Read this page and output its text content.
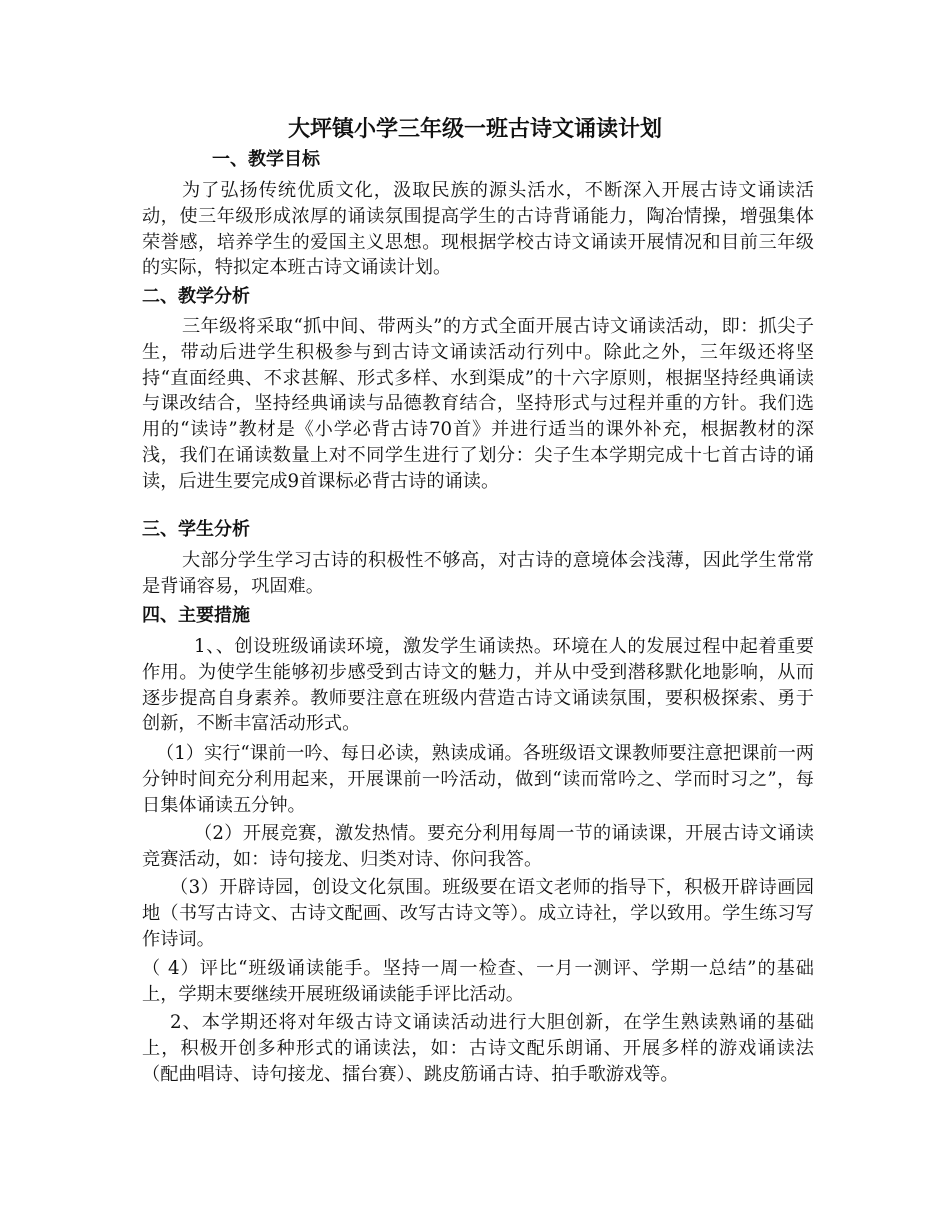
大坪镇小学三年级一班古诗文诵读计划
一、教学目标
为了弘扬传统优质文化，汲取民族的源头活水，不断深入开展古诗文诵读活动，使三年级形成浓厚的诵读氛围提高学生的古诗背诵能力，陶冶情操，增强集体荣誉感，培养学生的爱国主义思想。现根据学校古诗文诵读开展情况和目前三年级的实际，特拟定本班古诗文诵读计划。
二、教学分析
三年级将采取“抓中间、带两头”的方式全面开展古诗文诵读活动，即：抓尖子生，带动后进学生积极参与到古诗文诵读活动行列中。除此之外，三年级还将坚持“直面经典、不求甚解、形式多样、水到渠成”的十六字原则，根据坚持经典诵读与课改结合，坚持经典诵读与品德教育结合，坚持形式与过程并重的方针。我们选用的“读诗”教材是《小学必背古诗70首》并进行适当的课外补充，根据教材的深浅，我们在诵读数量上对不同学生进行了划分：尖子生本学期完成十七首古诗的诵读，后进生要完成9首课标必背古诗的诵读。
三、学生分析
大部分学生学习古诗的积极性不够高，对古诗的意境体会浅薄，因此学生常常是背诵容易，巩固难。
四、主要措施
1、、创设班级诵读环境，激发学生诵读热。环境在人的发展过程中起着重要作用。为使学生能够初步感受到古诗文的魅力，并从中受到潜移默化地影响，从而逐步提高自身素养。教师要注意在班级内营造古诗文诵读氛围，要积极探索、勇于创新，不断丰富活动形式。
（1）实行“课前一吟、每日必读，熟读成诵。各班级语文课教师要注意把课前一两分钟时间充分利用起来，开展课前一吟活动，做到“读而常吟之、学而时习之”，每日集体诵读五分钟。
（2）开展竞赛，激发热情。要充分利用每周一节的诵读课，开展古诗文诵读竞赛活动，如：诗句接龙、归类对诗、你问我答。
（3）开辟诗园，创设文化氛围。班级要在语文老师的指导下，积极开辟诗画园地（书写古诗文、古诗文配画、改写古诗文等）。成立诗社，学以致用。学生练习写作诗词。
（ 4）评比“班级诵读能手。坚持一周一检查、一月一测评、学期一总结”的基础上，学期末要继续开展班级诵读能手评比活动。
2、本学期还将对年级古诗文诵读活动进行大胆创新，在学生熟读熟诵的基础上，积极开创多种形式的诵读法，如：古诗文配乐朗诵、开展多样的游戏诵读法（配曲唱诗、诗句接龙、擂台赛）、跳皮筋诵古诗、拍手歌游戏等。
